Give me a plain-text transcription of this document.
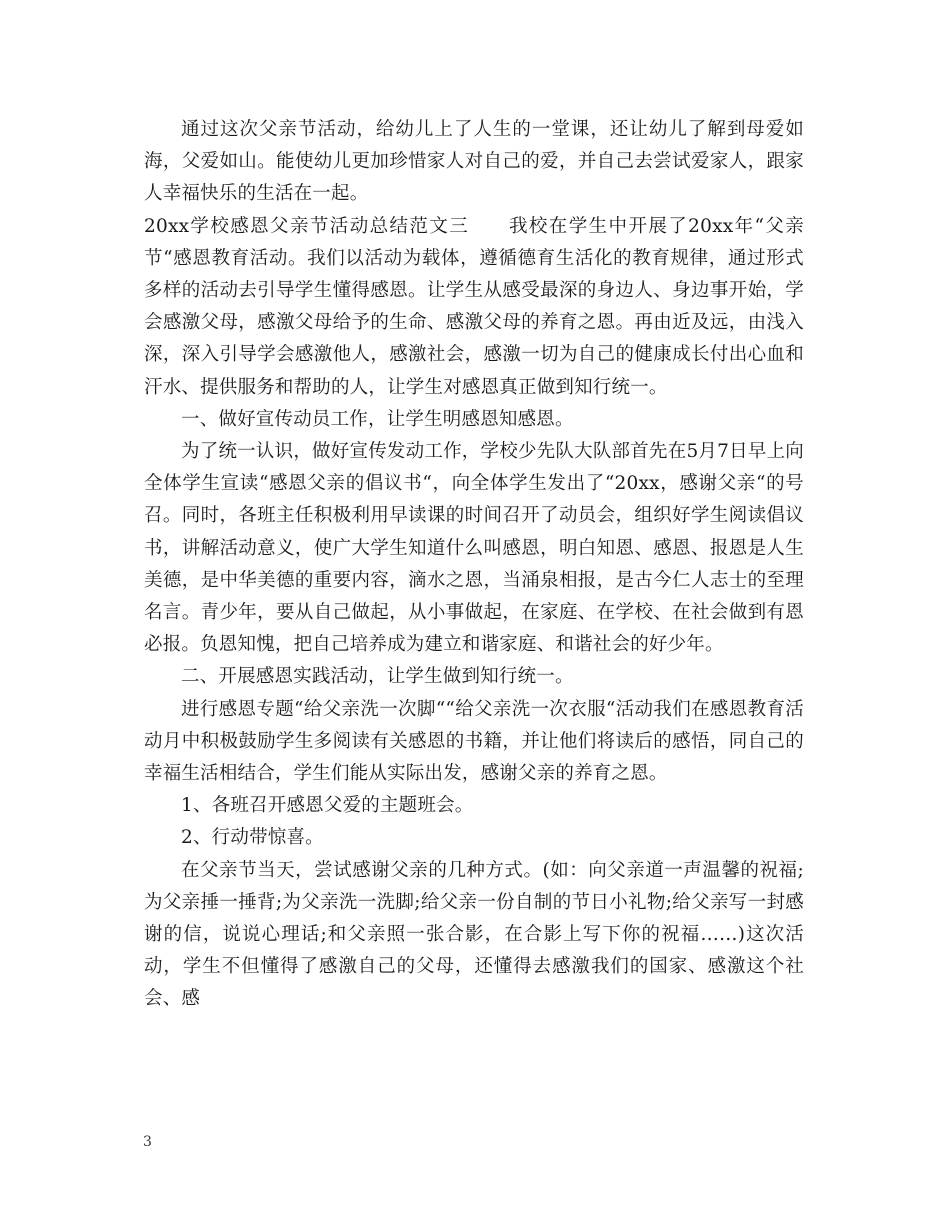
通过这次父亲节活动，给幼儿上了人生的一堂课，还让幼儿了解到母爱如海，父爱如山。能使幼儿更加珍惜家人对自己的爱，并自己去尝试爱家人，跟家人幸福快乐的生活在一起。

20xx学校感恩父亲节活动总结范文三　　我校在学生中开展了20xx年“父亲节“感恩教育活动。我们以活动为载体，遵循德育生活化的教育规律，通过形式多样的活动去引导学生懂得感恩。让学生从感受最深的身边人、身边事开始，学会感激父母，感激父母给予的生命、感激父母的养育之恩。再由近及远，由浅入深，深入引导学会感激他人，感激社会，感激一切为自己的健康成长付出心血和汗水、提供服务和帮助的人，让学生对感恩真正做到知行统一。

一、做好宣传动员工作，让学生明感恩知感恩。

为了统一认识，做好宣传发动工作，学校少先队大队部首先在5月7日早上向全体学生宣读“感恩父亲的倡议书“，向全体学生发出了“20xx，感谢父亲“的号召。同时，各班主任积极利用早读课的时间召开了动员会，组织好学生阅读倡议书，讲解活动意义，使广大学生知道什么叫感恩，明白知恩、感恩、报恩是人生美德，是中华美德的重要内容，滴水之恩，当涌泉相报，是古今仁人志士的至理名言。青少年，要从自己做起，从小事做起，在家庭、在学校、在社会做到有恩必报。负恩知愧，把自己培养成为建立和谐家庭、和谐社会的好少年。

二、开展感恩实践活动，让学生做到知行统一。

进行感恩专题“给父亲洗一次脚““给父亲洗一次衣服“活动我们在感恩教育活动月中积极鼓励学生多阅读有关感恩的书籍，并让他们将读后的感悟，同自己的幸福生活相结合，学生们能从实际出发，感谢父亲的养育之恩。

1、各班召开感恩父爱的主题班会。

2、行动带惊喜。

在父亲节当天，尝试感谢父亲的几种方式。(如：向父亲道一声温馨的祝福;为父亲捶一捶背;为父亲洗一洗脚;给父亲一份自制的节日小礼物;给父亲写一封感谢的信，说说心理话;和父亲照一张合影，在合影上写下你的祝福……)这次活动，学生不但懂得了感激自己的父母，还懂得去感激我们的国家、感激这个社会、感

3
